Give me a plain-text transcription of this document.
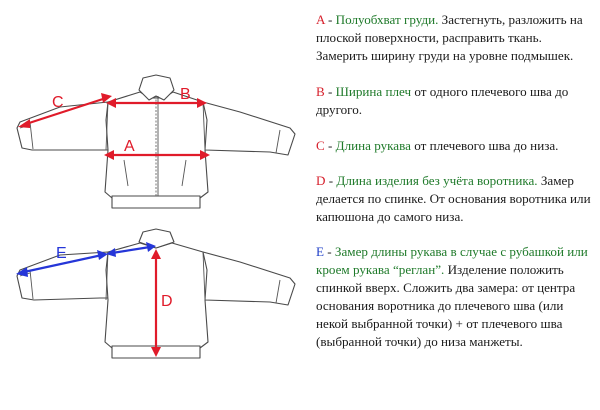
C	B
A
E
D
A - Полуобхват груди. Застегнуть, разложить на плоской поверхности, расправить ткань. Замерить ширину груди на уровне подмышек.
B - Ширина плеч от одного плечевого шва до другого.
C - Длина рукава от плечевого шва до низа.
D - Длина изделия без учёта воротника. Замер делается по спинке. От основания воротника или капюшона до самого низа.
E - Замер длины рукава в случае с рубашкой или кроем рукава “реглан”. Изделение положить спинкой вверх. Сложить два замера: от центра основания воротника до плечевого шва (или некой выбранной точки) + от плечевого шва (выбранной точки) до низа манжеты.
